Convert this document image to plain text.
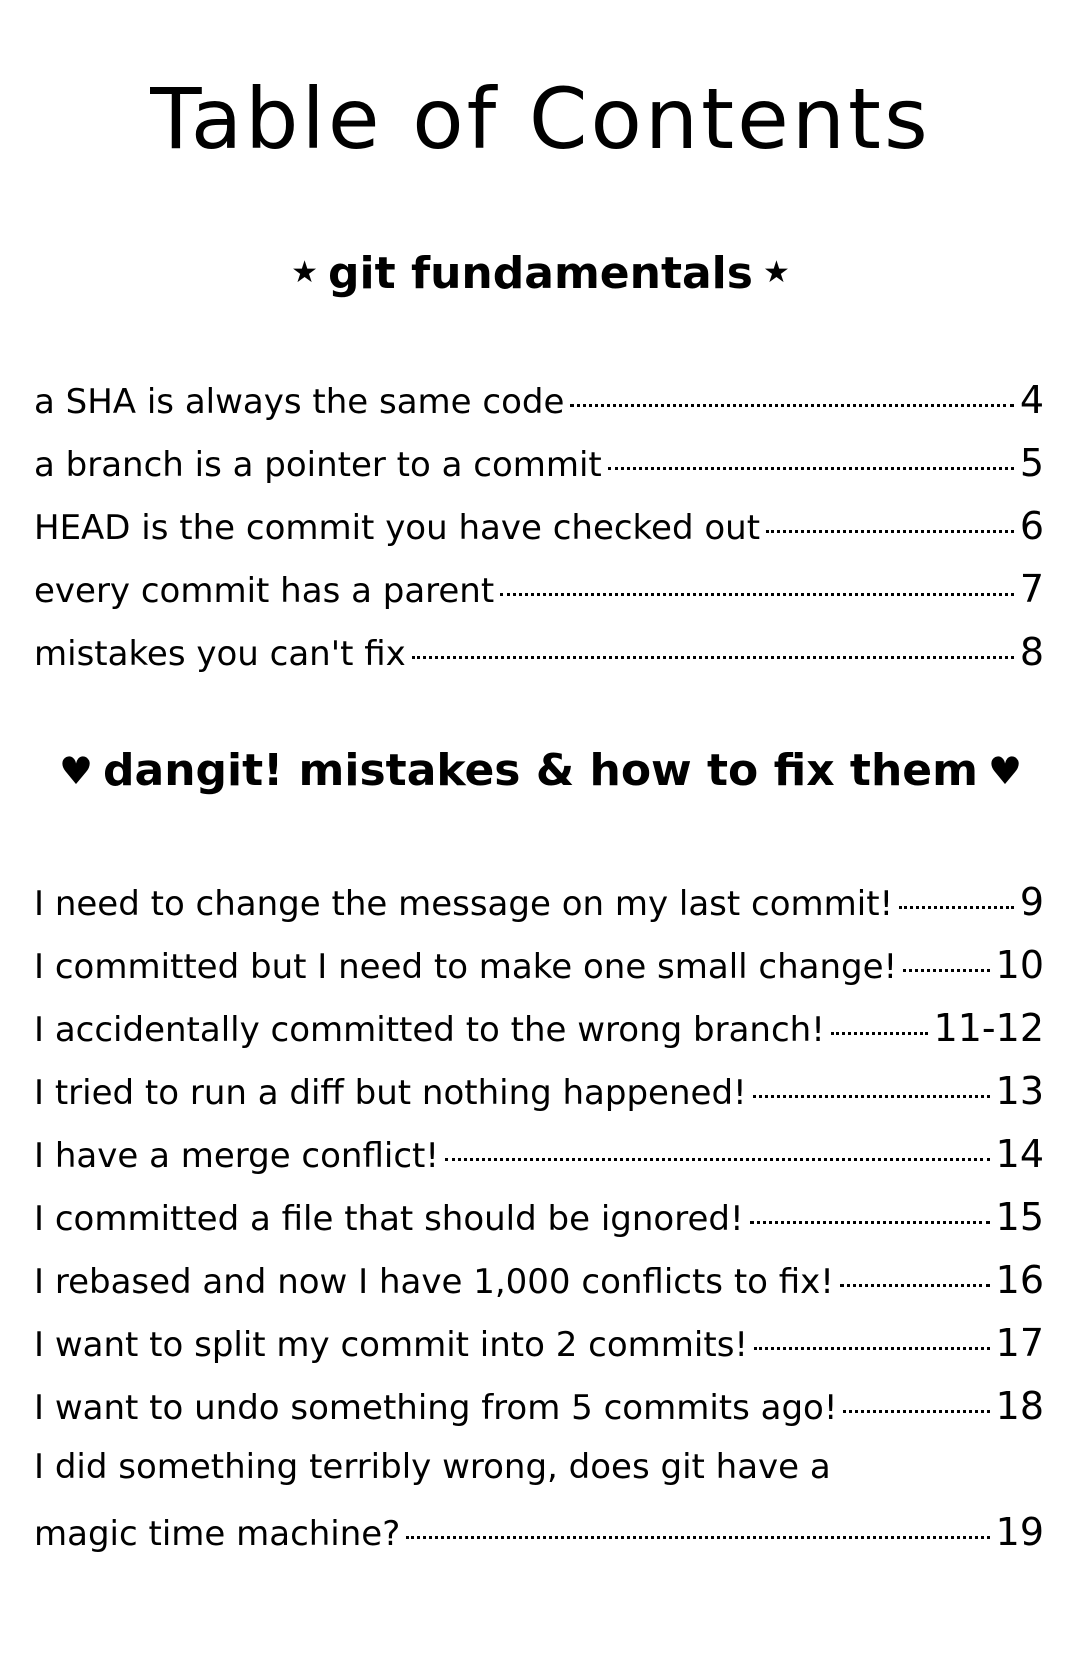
Table of Contents
★ git fundamentals ★
a SHA is always the same code	4
a branch is a pointer to a commit	5
HEAD is the commit you have checked out	6
every commit has a parent	7
mistakes you can't fix	8
♥ dangit! mistakes & how to fix them ♥
I need to change the message on my last commit!	9
I committed but I need to make one small change!	10
I accidentally committed to the wrong branch!	11-12
I tried to run a diff but nothing happened!	13
I have a merge conflict!	14
I committed a file that should be ignored!	15
I rebased and now I have 1,000 conflicts to fix!	16
I want to split my commit into 2 commits!	17
I want to undo something from 5 commits ago!	18
I did something terribly wrong, does git have a
magic time machine?	19
